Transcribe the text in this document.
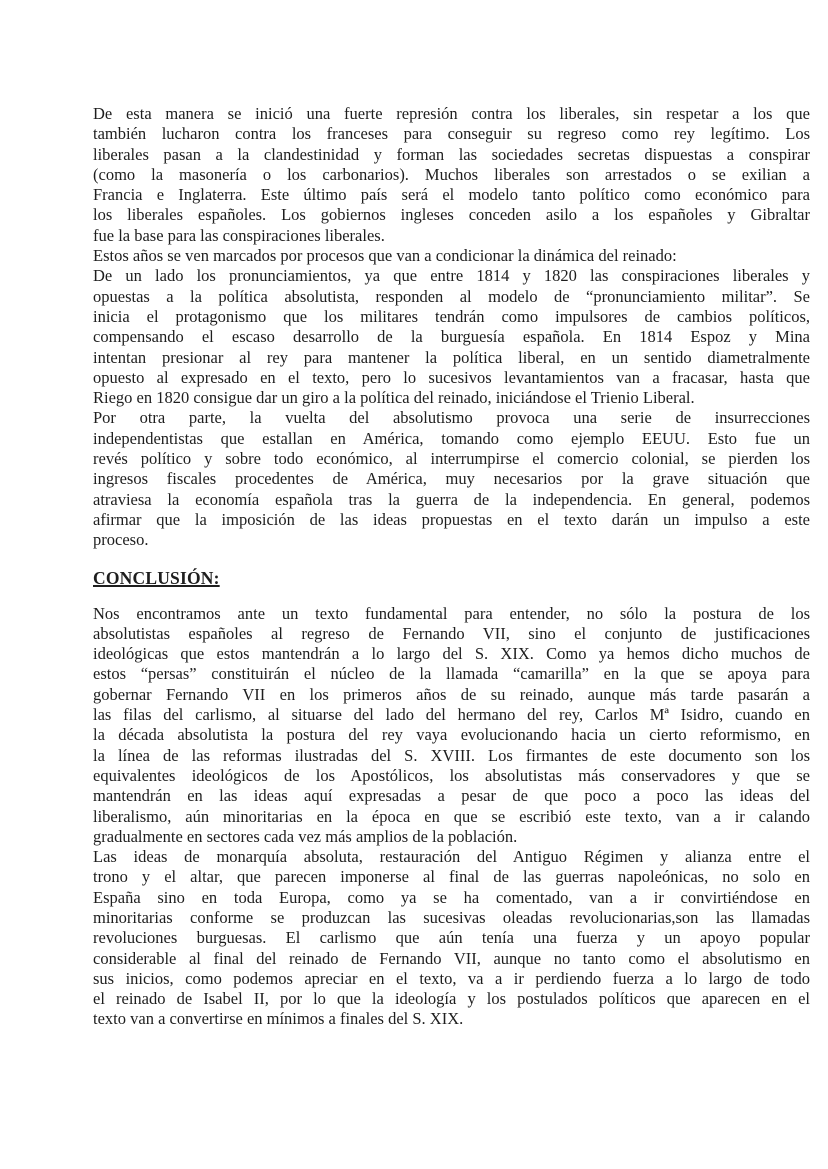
De esta manera se inició una fuerte represión contra los liberales, sin respetar a los que
también lucharon contra los franceses para conseguir su regreso como rey legítimo. Los
liberales pasan a la clandestinidad y forman las sociedades secretas dispuestas a conspirar
(como la masonería o los carbonarios). Muchos liberales son arrestados o se exilian a
Francia e Inglaterra. Este último país será el modelo tanto político como económico para
los liberales españoles. Los gobiernos ingleses conceden asilo a los españoles y Gibraltar
fue la base para las conspiraciones liberales.
Estos años se ven marcados por procesos que van a condicionar la dinámica del reinado:
De un lado los pronunciamientos, ya que entre 1814 y 1820 las conspiraciones liberales y
opuestas a la política absolutista, responden al modelo de “pronunciamiento militar”. Se
inicia el protagonismo que los militares tendrán como impulsores de cambios políticos,
compensando el escaso desarrollo de la burguesía española. En 1814 Espoz y Mina
intentan presionar al rey para mantener la política liberal, en un sentido diametralmente
opuesto al expresado en el texto, pero lo sucesivos levantamientos van a fracasar, hasta que
Riego en 1820 consigue dar un giro a la política del reinado, iniciándose el Trienio Liberal.
Por otra parte, la vuelta del absolutismo provoca una serie de insurrecciones
independentistas que estallan en América, tomando como ejemplo EEUU. Esto fue un
revés político y sobre todo económico, al interrumpirse el comercio colonial, se pierden los
ingresos fiscales procedentes de América, muy necesarios por la grave situación que
atraviesa la economía española tras la guerra de la independencia. En general, podemos
afirmar que la imposición de las ideas propuestas en el texto darán un impulso a este
proceso.
CONCLUSIÓN:
Nos encontramos ante un texto fundamental para entender, no sólo la postura de los
absolutistas españoles al regreso de Fernando VII, sino el conjunto de justificaciones
ideológicas que estos mantendrán a lo largo del S. XIX. Como ya hemos dicho muchos de
estos “persas” constituirán el núcleo de la llamada “camarilla” en la que se apoya para
gobernar Fernando VII en los primeros años de su reinado, aunque más tarde pasarán a
las filas del carlismo, al situarse del lado del hermano del rey, Carlos Mª Isidro, cuando en
la década absolutista la postura del rey vaya evolucionando hacia un cierto reformismo, en
la línea de las reformas ilustradas del S. XVIII. Los firmantes de este documento son los
equivalentes ideológicos de los Apostólicos, los absolutistas más conservadores y que se
mantendrán en las ideas aquí expresadas a pesar de que poco a poco las ideas del
liberalismo, aún minoritarias en la época en que se escribió este texto, van a ir calando
gradualmente en sectores cada vez más amplios de la población.
Las ideas de monarquía absoluta, restauración del Antiguo Régimen y alianza entre el
trono y el altar, que parecen imponerse al final de las guerras napoleónicas, no solo en
España sino en toda Europa, como ya se ha comentado, van a ir convirtiéndose en
minoritarias conforme se produzcan las sucesivas oleadas revolucionarias,son las llamadas
revoluciones burguesas. El carlismo que aún tenía una fuerza y un apoyo popular
considerable al final del reinado de Fernando VII, aunque no tanto como el absolutismo en
sus inicios, como podemos apreciar en el texto, va a ir perdiendo fuerza a lo largo de todo
el reinado de Isabel II, por lo que la ideología y los postulados políticos que aparecen en el
texto van a convertirse en mínimos a finales del S. XIX.
